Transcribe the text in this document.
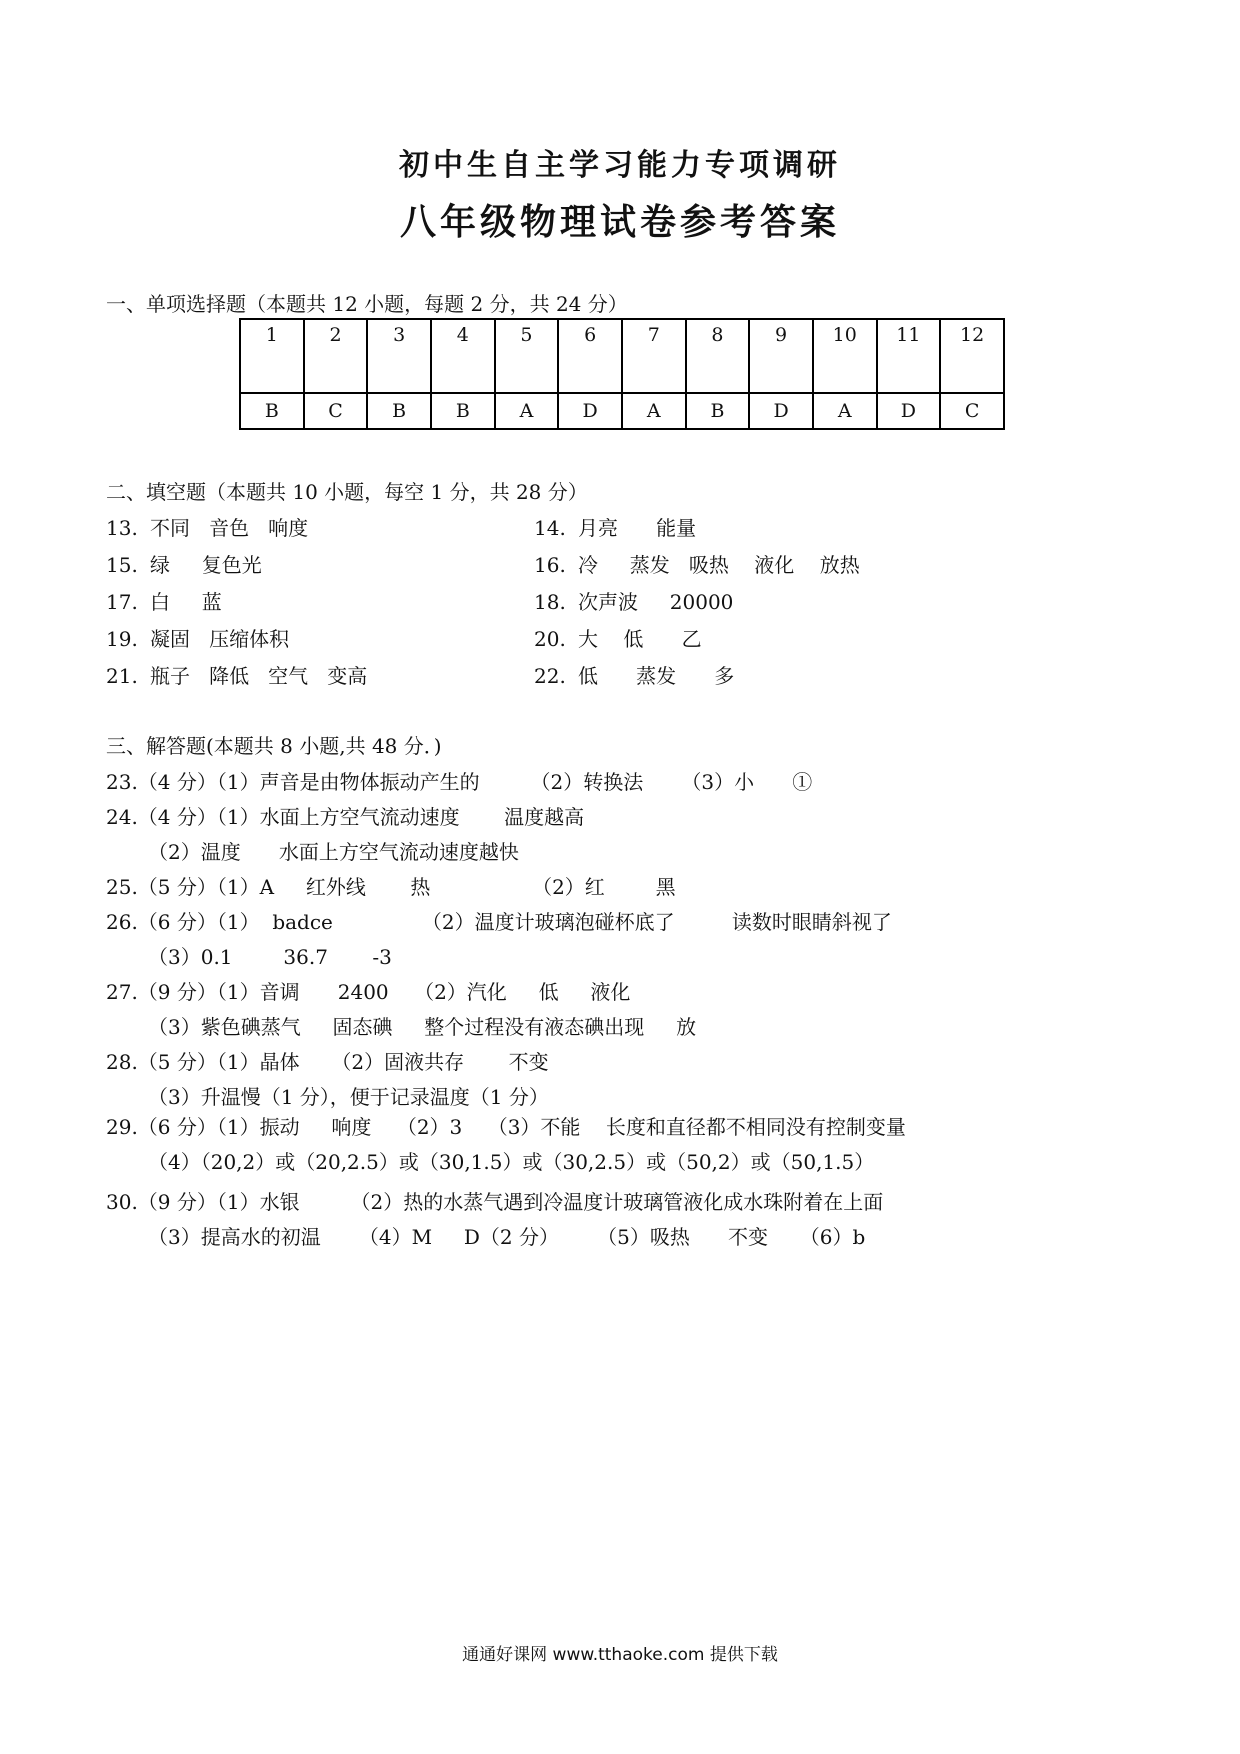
初中生自主学习能力专项调研
八年级物理试卷参考答案
一、单项选择题（本题共 12 小题，每题 2 分，共 24 分）
1	2	3	4	5	6	7	8	9	10	11	12
B	C	B	B	A	D	A	B	D	A	D	C
二、填空题（本题共 10 小题，每空 1 分，共 28 分）
13. 不同   音色   响度	14. 月亮      能量
15. 绿     复色光	16. 冷     蒸发   吸热    液化    放热
17. 白     蓝	18. 次声波     20000
19. 凝固   压缩体积	20. 大    低      乙
21. 瓶子   降低   空气   变高	22. 低      蒸发      多
三、解答题(本题共 8 小题,共 48 分．)
23.（4 分）（1）声音是由物体振动产生的        （2）转换法      （3）小      ①
24.（4 分）（1）水面上方空气流动速度       温度越高
（2）温度      水面上方空气流动速度越快
25.（5 分）（1）A     红外线       热                （2）红        黑
26.（6 分）（1）  badce              （2）温度计玻璃泡碰杯底了         读数时眼睛斜视了
（3）0.1        36.7       -3
27.（9 分）（1）音调      2400    （2）汽化     低     液化
（3）紫色碘蒸气     固态碘     整个过程没有液态碘出现     放
28.（5 分）（1）晶体     （2）固液共存       不变
（3）升温慢（1 分），便于记录温度（1 分）
29.（6 分）（1）振动     响度    （2）3    （3）不能    长度和直径都不相同没有控制变量
（4）（20,2）或（20,2.5）或（30,1.5）或（30,2.5）或（50,2）或（50,1.5）
30.（9 分）（1）水银        （2）热的水蒸气遇到冷温度计玻璃管液化成水珠附着在上面
（3）提高水的初温      （4）M     D（2 分）      （5）吸热      不变     （6）b
通通好课网 www.tthaoke.com 提供下载
